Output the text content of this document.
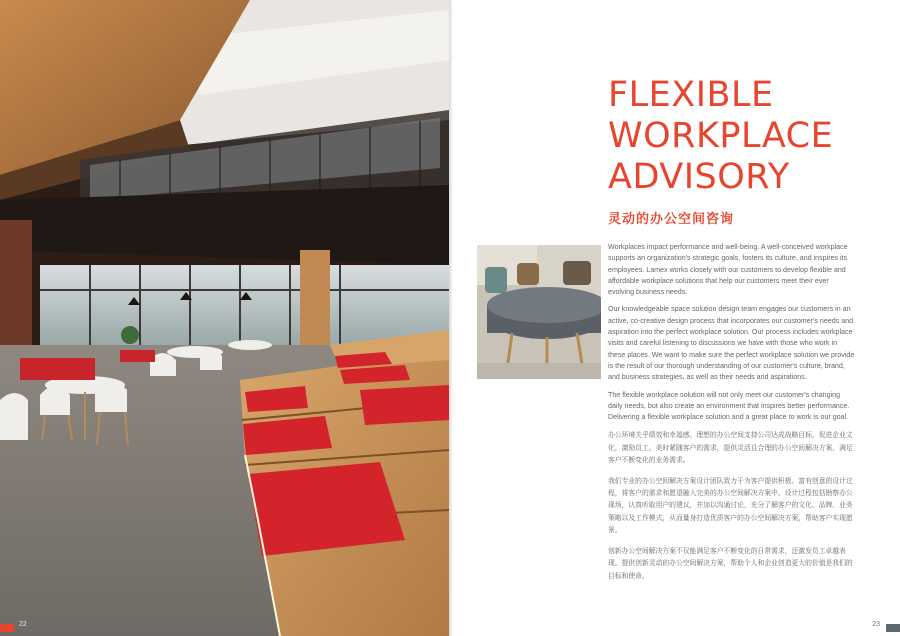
22
FLEXIBLE
WORKPLACE
ADVISORY
灵动的办公空间咨询

Workplaces impact performance and well-being. A well-conceived workplace supports an organization's strategic goals, fosters its culture, and inspires its employees. Lamex works closely with our customers to develop flexible and affordable workplace solutions that help our customers meet their ever evolving business needs.

Our knowledgeable space solution design team engages our customers in an active, co-creative design process that incorporates our customer's needs and aspiration into the perfect workplace solution. Our process includes workplace visits and careful listening to discussions we have with those who work in these places. We want to make sure the perfect workplace solution we provide is the result of our thorough understanding of our customer's culture, brand, and business strategies, as well as their needs and aspirations.

The flexible workplace solution will not only meet our customer's changing daily needs, but also create an environment that inspires better performance. Delivering a flexible workplace solution and a great place to work is our goal.

办公环境关乎绩效和幸福感。理想的办公空间支持公司达成战略目标，促进企业文化，激励员工。美时紧随客户的需求，提供灵活且合理的办公空间解决方案，满足客户不断变化的业务需求。

我们专业的办公空间解决方案设计团队致力于为客户提供积极、富有创意的设计过程，将客户的需求和愿望融入完美的办公空间解决方案中。设计过程包括勘察办公现场，认真听取用户的建议，并加以沟通讨论，充分了解客户的文化、品牌、业务策略以及工作模式，从而量身打造优质客户的办公空间解决方案，帮助客户实现愿景。

创新办公空间解决方案不仅能满足客户不断变化的日常需求，还激发员工卓越表现。提供创新灵动的办公空间解决方案，帮助个人和企业创造更大的价值是我们的目标和使命。

23
